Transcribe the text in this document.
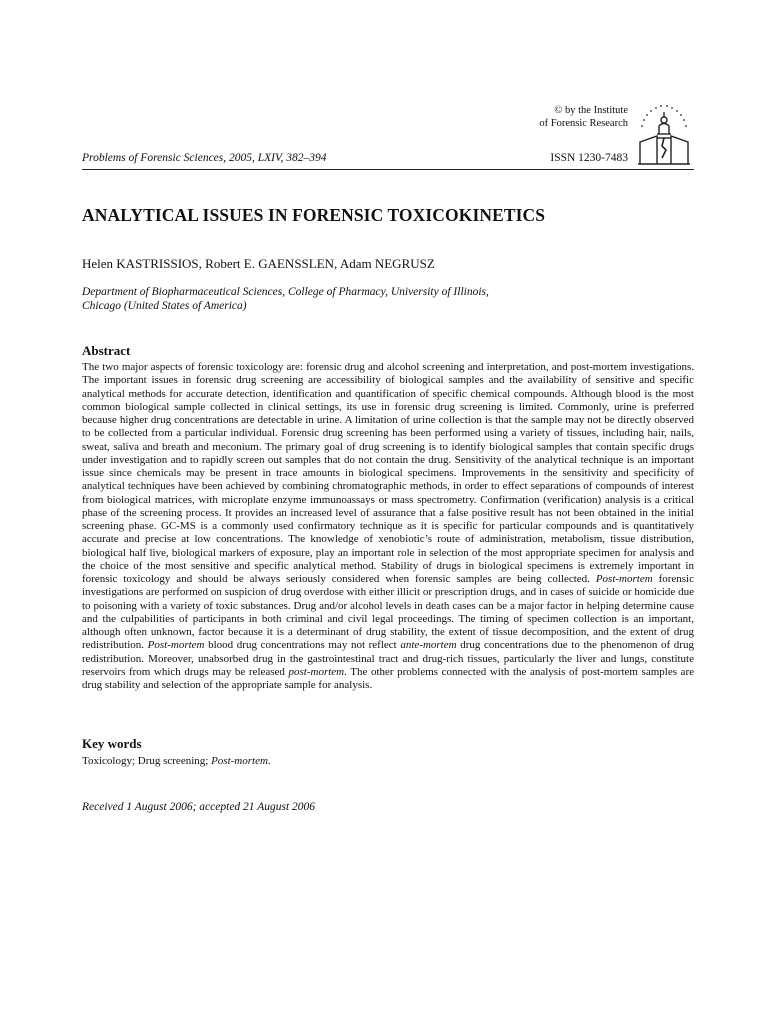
© by the Institute
of Forensic Research
Problems of Forensic Sciences, 2005, LXIV, 382–394	ISSN 1230-7483
ANALYTICAL ISSUES IN FORENSIC TOXICOKINETICS
Helen KASTRISSIOS, Robert E. GAENSSLEN, Adam NEGRUSZ
Department of Biopharmaceutical Sciences, College of Pharmacy, University of Illinois,
Chicago (United States of America)
Abstract
The two major aspects of forensic toxicology are: forensic drug and alcohol screening and interpretation, and post-mortem investigations. The important issues in forensic drug screening are accessibility of biological samples and the availability of sensitive and specific analytical methods for accurate detection, identification and quantification of specific chemical compounds. Although blood is the most common biological sample collected in clinical settings, its use in forensic drug screening is limited. Commonly, urine is preferred because higher drug concentrations are detectable in urine. A limitation of urine collection is that the sample may not be directly observed to be collected from a particular individual. Forensic drug screening has been performed using a variety of tissues, including hair, nails, sweat, saliva and breath and meconium. The primary goal of drug screening is to identify biological samples that contain specific drugs under investigation and to rapidly screen out samples that do not contain the drug. Sensitivity of the analytical technique is an important issue since chemicals may be present in trace amounts in biological specimens. Improvements in the sensitivity and specificity of analytical techniques have been achieved by combining chromatographic methods, in order to effect separations of compounds of interest from biological matrices, with microplate enzyme immunoassays or mass spectrometry. Confirmation (verification) analysis is a critical phase of the screening process. It provides an increased level of assurance that a false positive result has not been obtained in the initial screening phase. GC-MS is a commonly used confirmatory technique as it is specific for particular compounds and is quantitatively accurate and precise at low concentrations. The knowledge of xenobiotic’s route of administration, metabolism, tissue distribution, biological half live, biological markers of exposure, play an important role in selection of the most appropriate specimen for analysis and the choice of the most sensitive and specific analytical method. Stability of drugs in biological specimens is extremely important in forensic toxicology and should be always seriously considered when forensic samples are being collected. Post-mortem forensic investigations are performed on suspicion of drug overdose with either illicit or prescription drugs, and in cases of suicide or homicide due to poisoning with a variety of toxic substances. Drug and/or alcohol levels in death cases can be a major factor in helping determine cause and the culpabilities of participants in both criminal and civil legal proceedings. The timing of specimen collection is an important, although often unknown, factor because it is a determinant of drug stability, the extent of tissue decomposition, and the extent of drug redistribution. Post-mortem blood drug concentrations may not reflect ante-mortem drug concentrations due to the phenomenon of drug redistribution. Moreover, unabsorbed drug in the gastrointestinal tract and drug-rich tissues, particularly the liver and lungs, constitute reservoirs from which drugs may be released post-mortem. The other problems connected with the analysis of post-mortem samples are drug stability and selection of the appropriate sample for analysis.
Key words
Toxicology; Drug screening; Post-mortem.
Received 1 August 2006; accepted 21 August 2006
